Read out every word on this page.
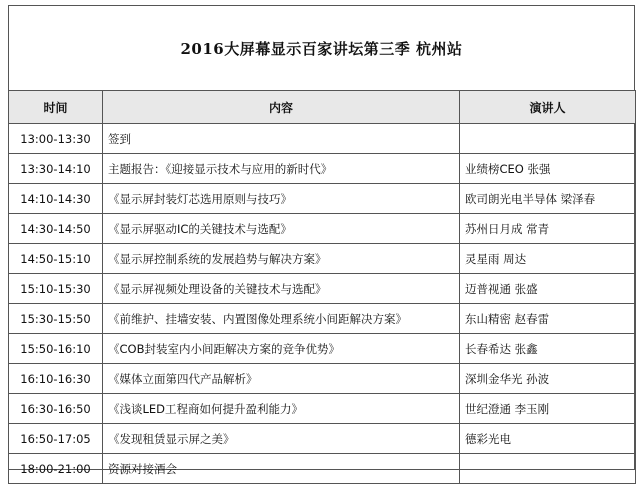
2016大屏幕显示百家讲坛第三季 杭州站
时间	内容	演讲人
13:00-13:30	签到	
13:30-14:10	主题报告：《迎接显示技术与应用的新时代》	业绩榜CEO 张强
14:10-14:30	《显示屏封装灯芯选用原则与技巧》	欧司朗光电半导体 梁泽春
14:30-14:50	《显示屏驱动IC的关键技术与选配》	苏州日月成 常青
14:50-15:10	《显示屏控制系统的发展趋势与解决方案》	灵星雨 周达
15:10-15:30	《显示屏视频处理设备的关键技术与选配》	迈普视通 张盛
15:30-15:50	《前维护、挂墙安装、内置图像处理系统小间距解决方案》	东山精密 赵春雷
15:50-16:10	《COB封装室内小间距解决方案的竞争优势》	长春希达 张鑫
16:10-16:30	《媒体立面第四代产品解析》	深圳金华光 孙波
16:30-16:50	《浅谈LED工程商如何提升盈利能力》	世纪澄通 李玉刚
16:50-17:05	《发现租赁显示屏之美》	德彩光电
18:00-21:00	资源对接酒会	
